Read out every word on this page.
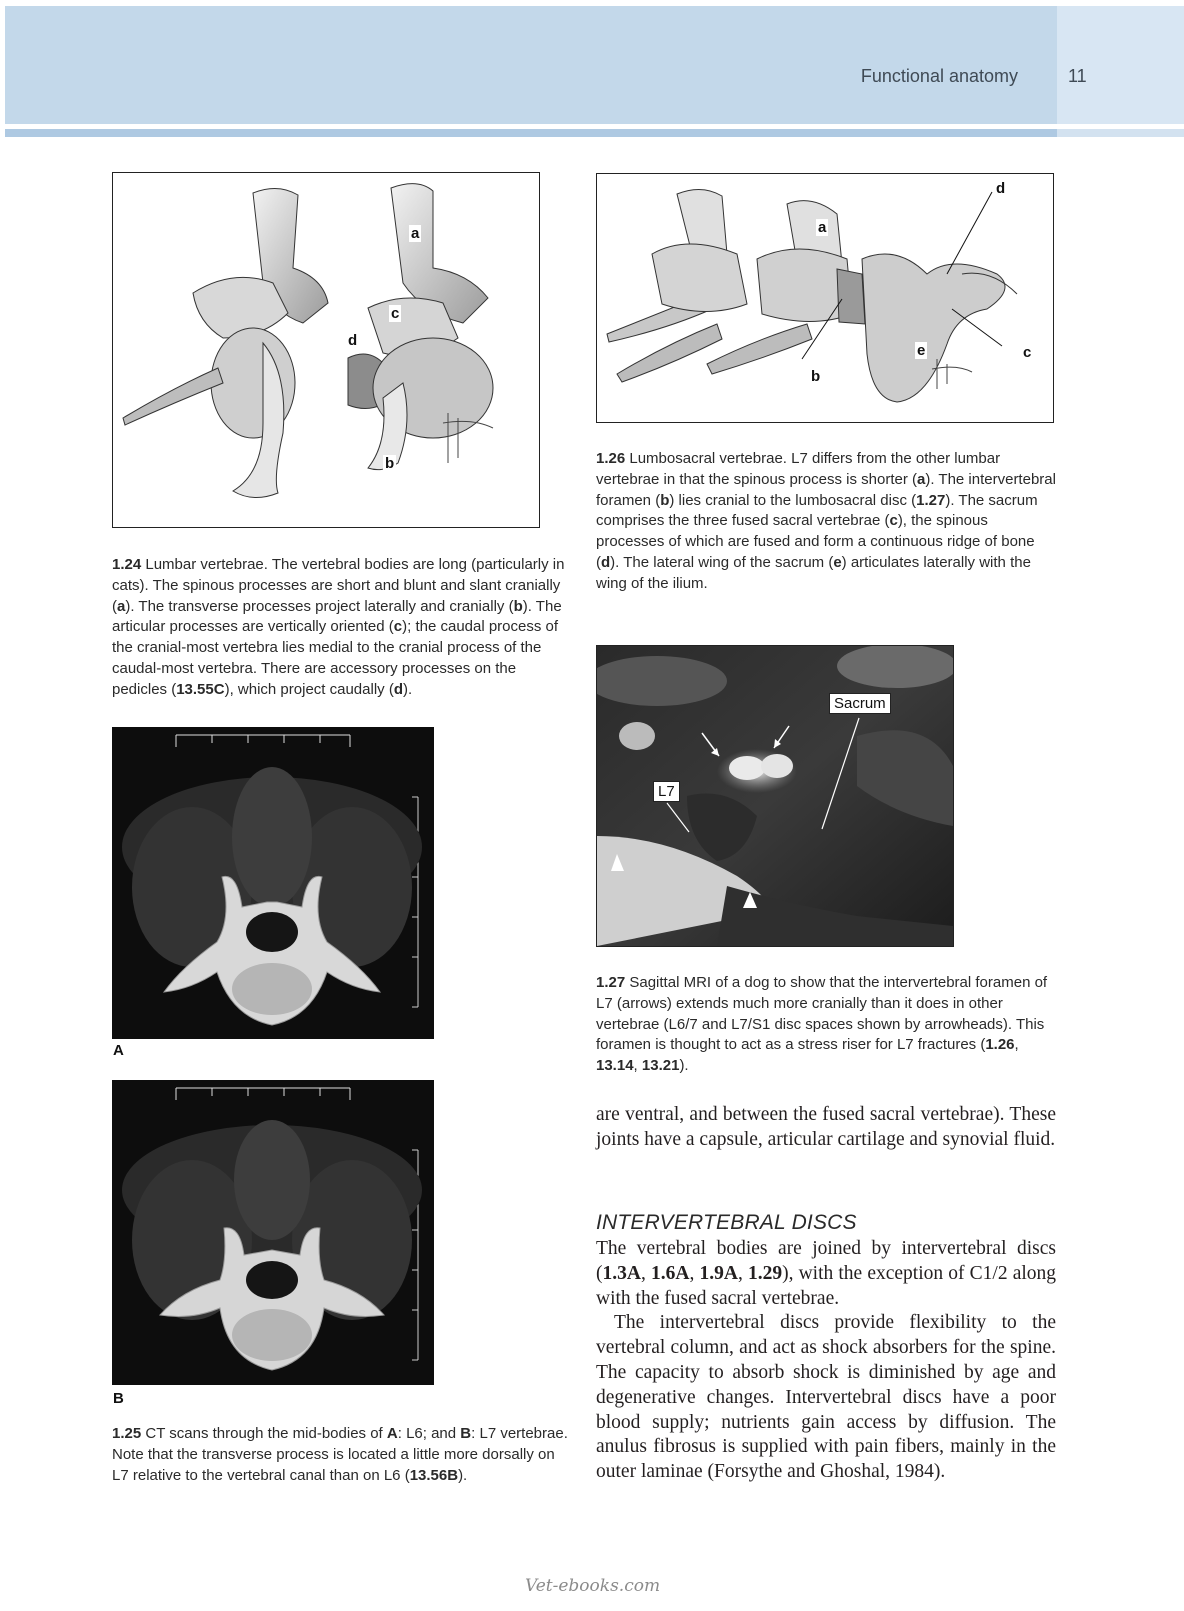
Functional anatomy	11
a
c
d
b
d
a
e	c
b
1.26 Lumbosacral vertebrae. L7 differs from the other lumbar vertebrae in that the spinous process is shorter (a). The intervertebral foramen (b) lies cranial to the lumbosacral disc (1.27). The sacrum comprises the three fused sacral vertebrae (c), the spinous processes of which are fused and form a continuous ridge of bone (d). The lateral wing of the sacrum (e) articulates laterally with the wing of the ilium.
1.24 Lumbar vertebrae. The vertebral bodies are long (particularly in cats). The spinous processes are short and blunt and slant cranially (a). The transverse processes project laterally and cranially (b). The articular processes are vertically oriented (c); the caudal process of the cranial-most vertebra lies medial to the cranial process of the caudal-most vertebra. There are accessory processes on the pedicles (13.55C), which project caudally (d).
Sacrum
L7
A
1.27 Sagittal MRI of a dog to show that the intervertebral foramen of L7 (arrows) extends much more cranially than it does in other vertebrae (L6/7 and L7/S1 disc spaces shown by arrowheads). This foramen is thought to act as a stress riser for L7 fractures (1.26, 13.14, 13.21).
B
1.25 CT scans through the mid-bodies of A: L6; and B: L7 vertebrae. Note that the transverse process is located a little more dorsally on L7 relative to the vertebral canal than on L6 (13.56B).

are ventral, and between the fused sacral vertebrae). These joints have a capsule, articular cartilage and synovial fluid.

INTERVERTEBRAL DISCS

The vertebral bodies are joined by intervertebral discs (1.3A, 1.6A, 1.9A, 1.29), with the exception of C1/2 along with the fused sacral vertebrae.

The intervertebral discs provide flexibility to the vertebral column, and act as shock absorbers for the spine. The capacity to absorb shock is diminished by age and degenerative changes. Intervertebral discs have a poor blood supply; nutrients gain access by diffusion. The anulus fibrosus is supplied with pain fibers, mainly in the outer laminae (Forsythe and Ghoshal, 1984).

Vet-ebooks.com
